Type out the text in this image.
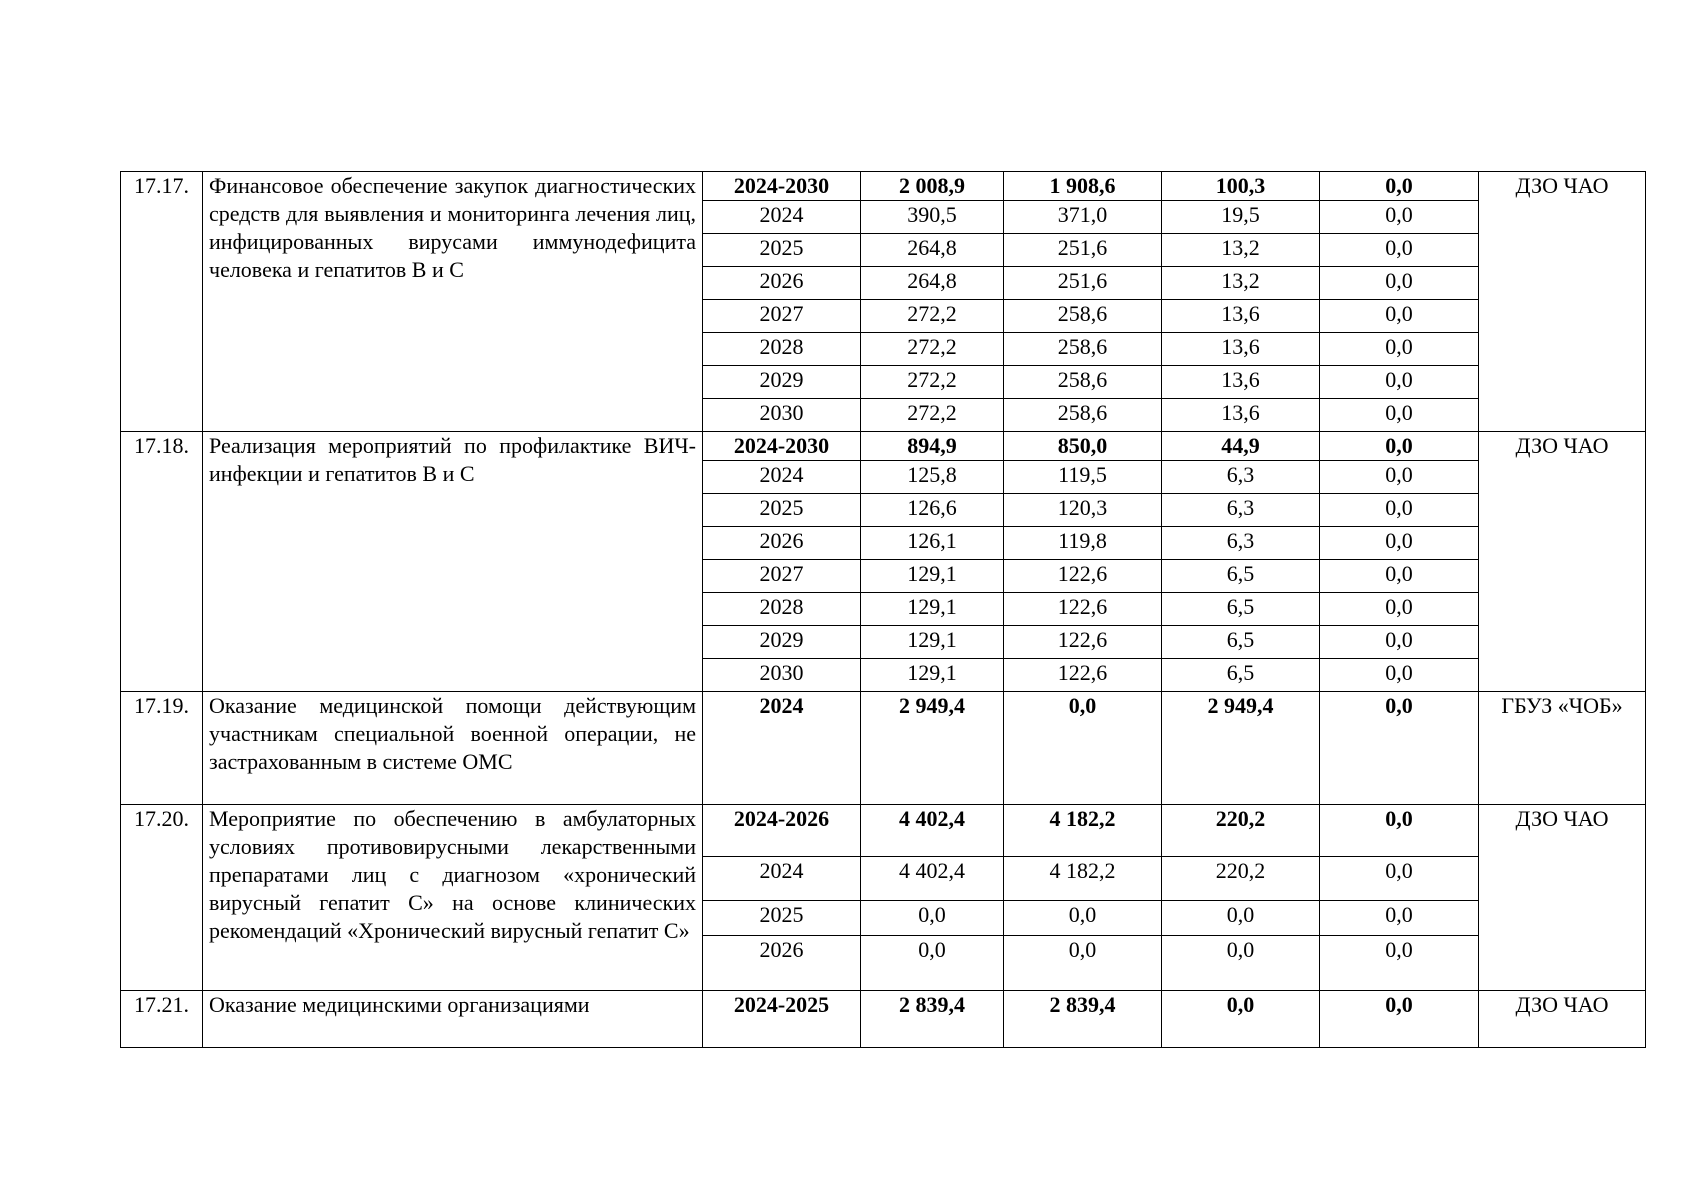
17.17.	Финансовое обеспечение закупок диагностических средств для выявления и мониторинга лечения лиц, инфицированных вирусами иммунодефицита человека и гепатитов В и С	2024-2030	2 008,9	1 908,6	100,3	0,0	ДЗО ЧАО
		2024	390,5	371,0	19,5	0,0	
		2025	264,8	251,6	13,2	0,0	
		2026	264,8	251,6	13,2	0,0	
		2027	272,2	258,6	13,6	0,0	
		2028	272,2	258,6	13,6	0,0	
		2029	272,2	258,6	13,6	0,0	
		2030	272,2	258,6	13,6	0,0	
17.18.	Реализация мероприятий по профилактике ВИЧ-инфекции и гепатитов В и С	2024-2030	894,9	850,0	44,9	0,0	ДЗО ЧАО
		2024	125,8	119,5	6,3	0,0	
		2025	126,6	120,3	6,3	0,0	
		2026	126,1	119,8	6,3	0,0	
		2027	129,1	122,6	6,5	0,0	
		2028	129,1	122,6	6,5	0,0	
		2029	129,1	122,6	6,5	0,0	
		2030	129,1	122,6	6,5	0,0	
17.19.	Оказание медицинской помощи действующим участникам специальной военной операции, не застрахованным в системе ОМС	2024	2 949,4	0,0	2 949,4	0,0	ГБУЗ «ЧОБ»
17.20.	Мероприятие по обеспечению в амбулаторных условиях противовирусными лекарственными препаратами лиц с диагнозом «хронический вирусный гепатит С» на основе клинических рекомендаций «Хронический вирусный гепатит С»	2024-2026	4 402,4	4 182,2	220,2	0,0	ДЗО ЧАО
		2024	4 402,4	4 182,2	220,2	0,0	
		2025	0,0	0,0	0,0	0,0	
		2026	0,0	0,0	0,0	0,0	
17.21.	Оказание медицинскими организациями	2024-2025	2 839,4	2 839,4	0,0	0,0	ДЗО ЧАО
